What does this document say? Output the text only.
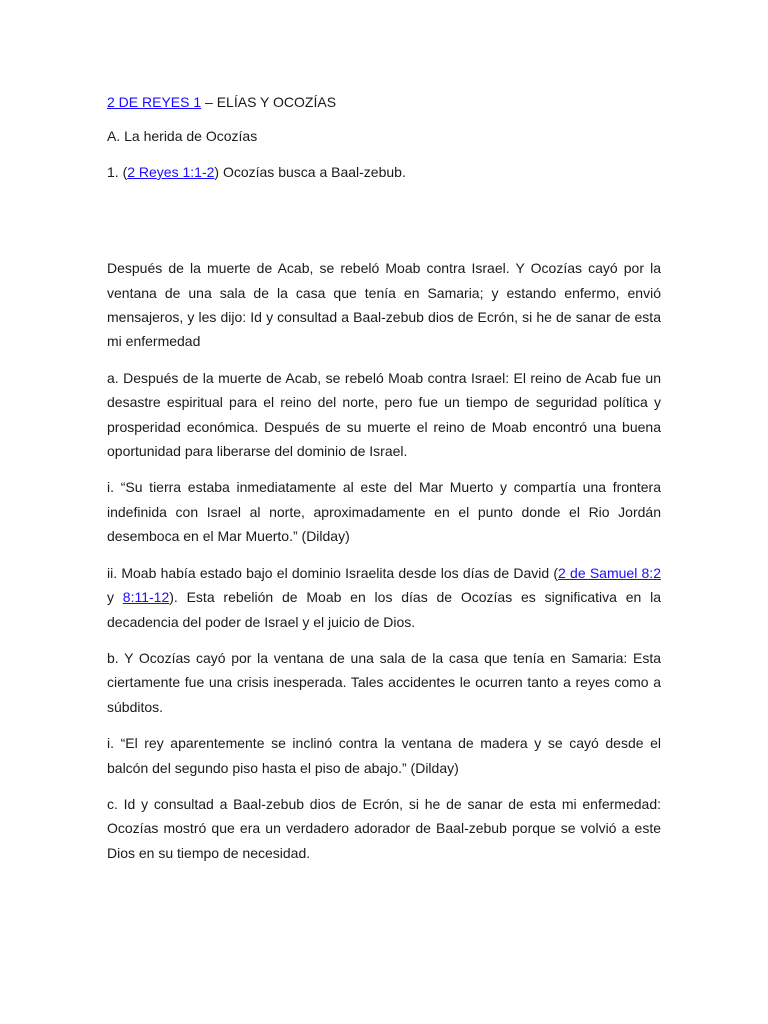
2 DE REYES 1 – ELÍAS Y OCOZÍAS

A. La herida de Ocozías

1. (2 Reyes 1:1-2) Ocozías busca a Baal-zebub.

Después de la muerte de Acab, se rebeló Moab contra Israel. Y Ocozías cayó por la ventana de una sala de la casa que tenía en Samaria; y estando enfermo, envió mensajeros, y les dijo: Id y consultad a Baal-zebub dios de Ecrón, si he de sanar de esta mi enfermedad

a. Después de la muerte de Acab, se rebeló Moab contra Israel: El reino de Acab fue un desastre espiritual para el reino del norte, pero fue un tiempo de seguridad política y prosperidad económica. Después de su muerte el reino de Moab encontró una buena oportunidad para liberarse del dominio de Israel.

i. “Su tierra estaba inmediatamente al este del Mar Muerto y compartía una frontera indefinida con Israel al norte, aproximadamente en el punto donde el Rio Jordán desemboca en el Mar Muerto.” (Dilday)

ii. Moab había estado bajo el dominio Israelita desde los días de David (2 de Samuel 8:2 y 8:11-12). Esta rebelión de Moab en los días de Ocozías es significativa en la decadencia del poder de Israel y el juicio de Dios.

b. Y Ocozías cayó por la ventana de una sala de la casa que tenía en Samaria: Esta ciertamente fue una crisis inesperada. Tales accidentes le ocurren tanto a reyes como a súbditos.

i. “El rey aparentemente se inclinó contra la ventana de madera y se cayó desde el balcón del segundo piso hasta el piso de abajo.” (Dilday)

c. Id y consultad a Baal-zebub dios de Ecrón, si he de sanar de esta mi enfermedad: Ocozías mostró que era un verdadero adorador de Baal-zebub porque se volvió a este Dios en su tiempo de necesidad.
